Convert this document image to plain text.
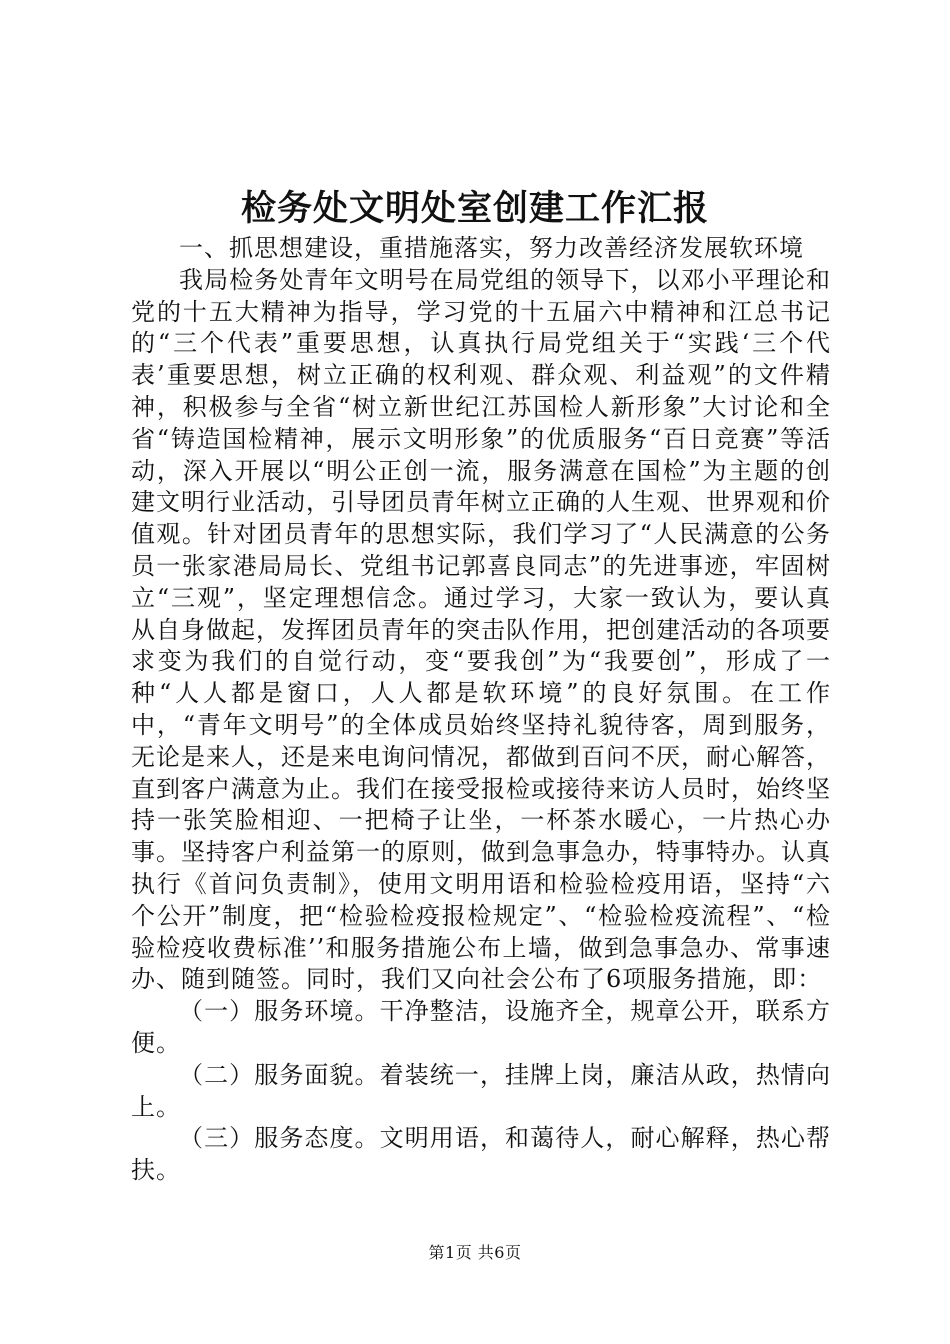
检务处文明处室创建工作汇报

一、抓思想建设，重措施落实，努力改善经济发展软环境

我局检务处青年文明号在局党组的领导下，以邓小平理论和党的十五大精神为指导，学习党的十五届六中精神和江总书记的“三个代表”重要思想，认真执行局党组关于“实践‘三个代表’重要思想，树立正确的权利观、群众观、利益观”的文件精神，积极参与全省“树立新世纪江苏国检人新形象”大讨论和全省“铸造国检精神，展示文明形象”的优质服务“百日竞赛”等活动，深入开展以“明公正创一流，服务满意在国检”为主题的创建文明行业活动，引导团员青年树立正确的人生观、世界观和价值观。针对团员青年的思想实际，我们学习了“人民满意的公务员一张家港局局长、党组书记郭喜良同志”的先进事迹，牢固树立“三观”，坚定理想信念。通过学习，大家一致认为，要认真从自身做起，发挥团员青年的突击队作用，把创建活动的各项要求变为我们的自觉行动，变“要我创”为“我要创”，形成了一种“人人都是窗口，人人都是软环境”的良好氛围。在工作中，“青年文明号”的全体成员始终坚持礼貌待客，周到服务，无论是来人，还是来电询问情况，都做到百问不厌，耐心解答，直到客户满意为止。我们在接受报检或接待来访人员时，始终坚持一张笑脸相迎、一把椅子让坐，一杯茶水暖心，一片热心办事。坚持客户利益第一的原则，做到急事急办，特事特办。认真执行《首问负责制》，使用文明用语和检验检疫用语，坚持“六个公开”制度，把“检验检疫报检规定”、“检验检疫流程”、“检验检疫收费标准’’和服务措施公布上墙，做到急事急办、常事速办、随到随签。同时，我们又向社会公布了6项服务措施，即：

（一）服务环境。干净整洁，设施齐全，规章公开，联系方便。

（二）服务面貌。着装统一，挂牌上岗，廉洁从政，热情向上。

（三）服务态度。文明用语，和蔼待人，耐心解释，热心帮扶。

第1页 共6页
